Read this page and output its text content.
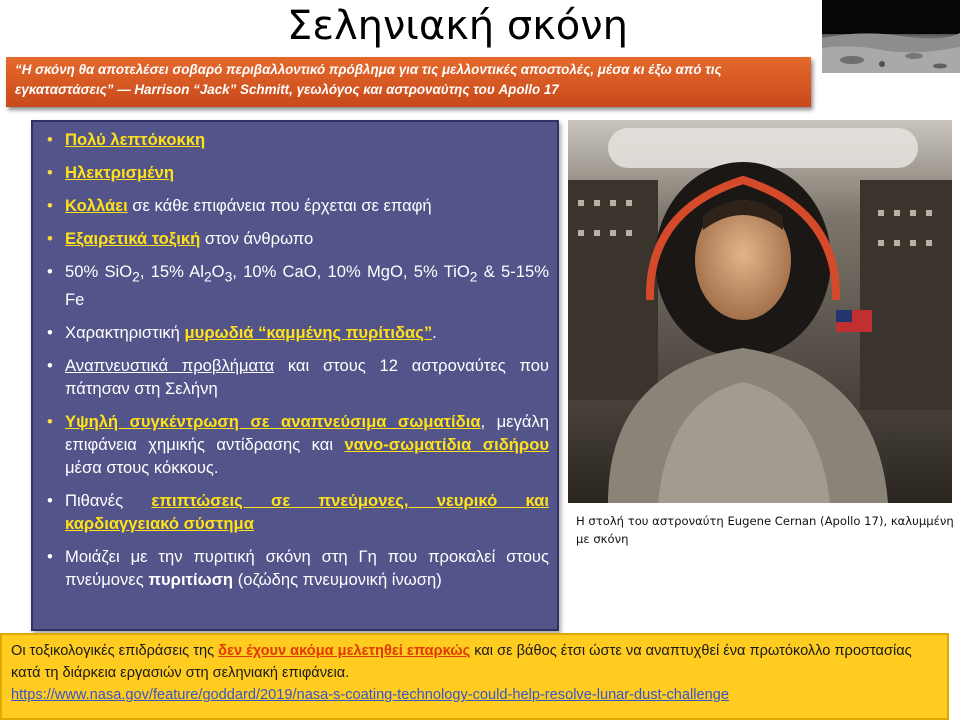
Σεληνιακή σκόνη
“Η σκόνη θα αποτελέσει σοβαρό περιβαλλοντικό πρόβλημα για τις μελλοντικές αποστολές, μέσα κι έξω από τις εγκαταστάσεις” — Harrison “Jack” Schmitt, γεωλόγος και αστροναύτης του Apollo 17
• Πολύ λεπτόκοκκη
• Ηλεκτρισμένη
• Κολλάει σε κάθε επιφάνεια που έρχεται σε επαφή
• Εξαιρετικά τοξική στον άνθρωπο
• 50% SiO$_2$, 15% $Al_2O_3$, 10% CaO, 10% MgO, 5% TiO$_2$ & 5-15% Fe
• Χαρακτηριστική μυρωδιά “καμμένης πυρίτιδας”.
• Αναπνευστικά προβλήματα και στους 12 αστροναύτες που πάτησαν στη Σελήνη
• Υψηλή συγκέντρωση σε αναπνεύσιμα σωματίδια, μεγάλη επιφάνεια χημικής αντίδρασης και νανο-σωματίδια σιδήρου μέσα στους κόκκους.
• Πιθανές επιπτώσεις σε πνεύμονες, νευρικό και καρδιαγγειακό σύστημα
• Μοιάζει με την πυριτική σκόνη στη Γη που προκαλεί στους πνεύμονες πυριτίωση (οζώδης πνευμονική ίνωση)
Η στολή του αστροναύτη Eugene Cernan (Apollo 17), καλυμμένη με σκόνη
Οι τοξικολογικές επιδράσεις της δεν έχουν ακόμα μελετηθεί επαρκώς και σε βάθος έτσι ώστε να αναπτυχθεί ένα πρωτόκολλο προστασίας κατά τη διάρκεια εργασιών στη σεληνιακή επιφάνεια.
https://www.nasa.gov/feature/goddard/2019/nasa-s-coating-technology-could-help-resolve-lunar-dust-challenge
